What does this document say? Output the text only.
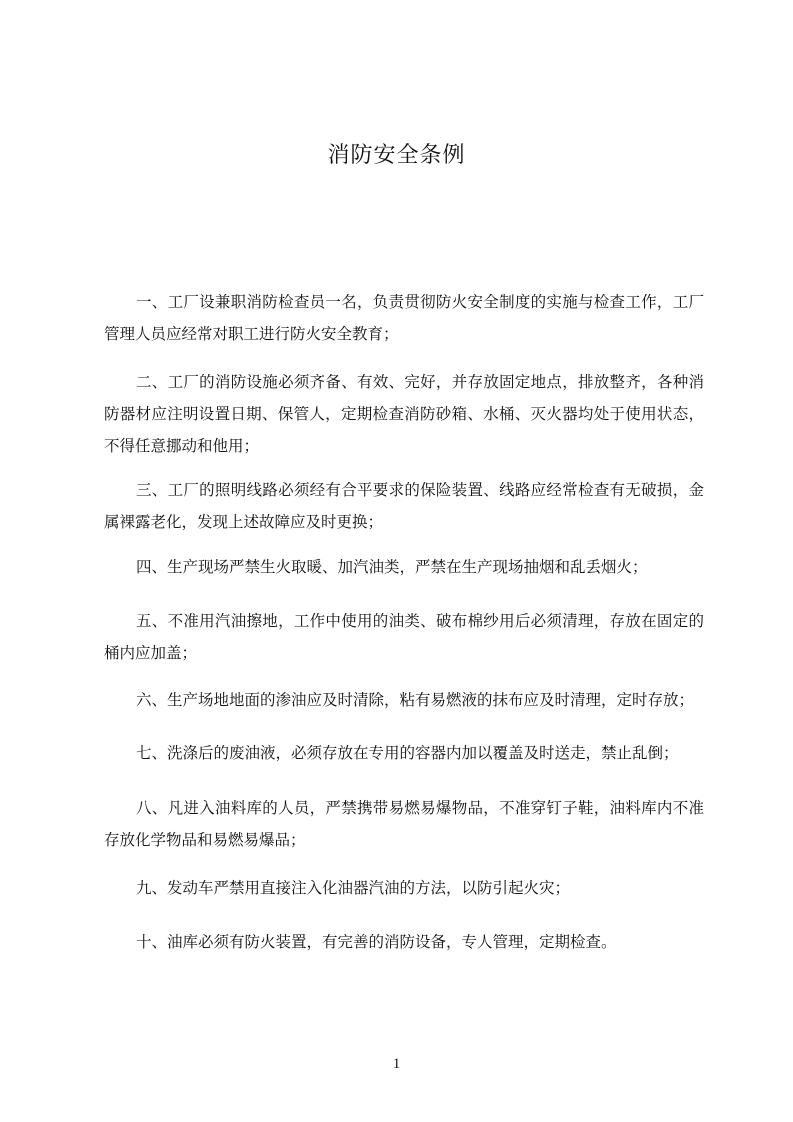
消防安全条例
一、工厂设兼职消防检查员一名，负责贯彻防火安全制度的实施与检查工作，工厂管理人员应经常对职工进行防火安全教育；
二、工厂的消防设施必须齐备、有效、完好，并存放固定地点，排放整齐，各种消防器材应注明设置日期、保管人，定期检查消防砂箱、水桶、灭火器均处于使用状态，不得任意挪动和他用；
三、工厂的照明线路必须经有合平要求的保险装置、线路应经常检查有无破损，金属裸露老化，发现上述故障应及时更换；
四、生产现场严禁生火取暖、加汽油类，严禁在生产现场抽烟和乱丢烟火；
五、不准用汽油擦地，工作中使用的油类、破布棉纱用后必须清理，存放在固定的桶内应加盖；
六、生产场地地面的渗油应及时清除，粘有易燃液的抹布应及时清理，定时存放；
七、洗涤后的废油液，必须存放在专用的容器内加以覆盖及时送走，禁止乱倒；
八、凡进入油料库的人员，严禁携带易燃易爆物品，不准穿钉子鞋，油料库内不准存放化学物品和易燃易爆品；
九、发动车严禁用直接注入化油器汽油的方法，以防引起火灾；
十、油库必须有防火装置，有完善的消防设备，专人管理，定期检查。
1
